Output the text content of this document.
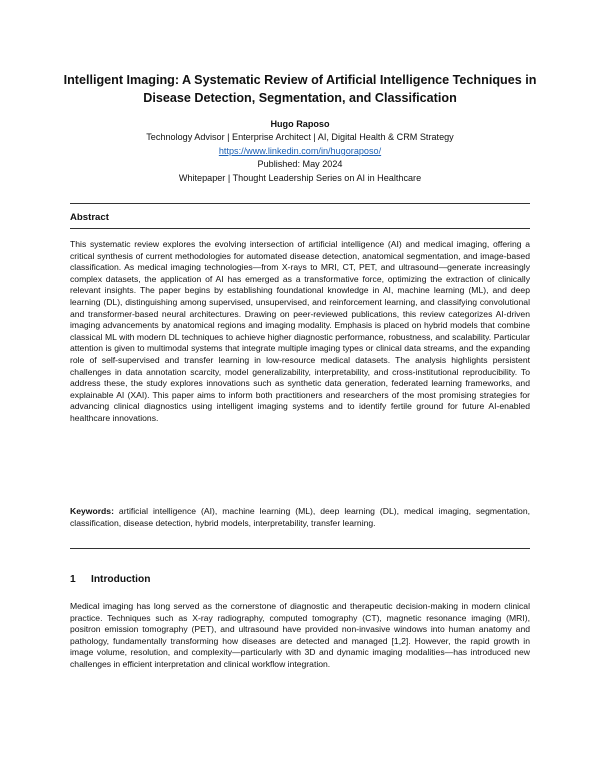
Intelligent Imaging: A Systematic Review of Artificial Intelligence Techniques in Disease Detection, Segmentation, and Classification
Hugo Raposo
Technology Advisor | Enterprise Architect | AI, Digital Health & CRM Strategy
https://www.linkedin.com/in/hugoraposo/
Published: May 2024
Whitepaper | Thought Leadership Series on AI in Healthcare
Abstract

This systematic review explores the evolving intersection of artificial intelligence (AI) and medical imaging, offering a critical synthesis of current methodologies for automated disease detection, anatomical segmentation, and image-based classification. As medical imaging technologies—from X-rays to MRI, CT, PET, and ultrasound—generate increasingly complex datasets, the application of AI has emerged as a transformative force, optimizing the extraction of clinically relevant insights. The paper begins by establishing foundational knowledge in AI, machine learning (ML), and deep learning (DL), distinguishing among supervised, unsupervised, and reinforcement learning, and classifying convolutional and transformer-based neural architectures. Drawing on peer-reviewed publications, this review categorizes AI-driven imaging advancements by anatomical regions and imaging modality. Emphasis is placed on hybrid models that combine classical ML with modern DL techniques to achieve higher diagnostic performance, robustness, and scalability. Particular attention is given to multimodal systems that integrate multiple imaging types or clinical data streams, and the expanding role of self-supervised and transfer learning in low-resource medical datasets. The analysis highlights persistent challenges in data annotation scarcity, model generalizability, interpretability, and cross-institutional reproducibility. To address these, the study explores innovations such as synthetic data generation, federated learning frameworks, and explainable AI (XAI). This paper aims to inform both practitioners and researchers of the most promising strategies for advancing clinical diagnostics using intelligent imaging systems and to identify fertile ground for future AI-enabled healthcare innovations.

Keywords: artificial intelligence (AI), machine learning (ML), deep learning (DL), medical imaging, segmentation, classification, disease detection, hybrid models, interpretability, transfer learning.

1 Introduction

Medical imaging has long served as the cornerstone of diagnostic and therapeutic decision-making in modern clinical practice. Techniques such as X-ray radiography, computed tomography (CT), magnetic resonance imaging (MRI), positron emission tomography (PET), and ultrasound have provided non-invasive windows into human anatomy and pathology, fundamentally transforming how diseases are detected and managed [1,2]. However, the rapid growth in image volume, resolution, and complexity—particularly with 3D and dynamic imaging modalities—has introduced new challenges in efficient interpretation and clinical workflow integration.
